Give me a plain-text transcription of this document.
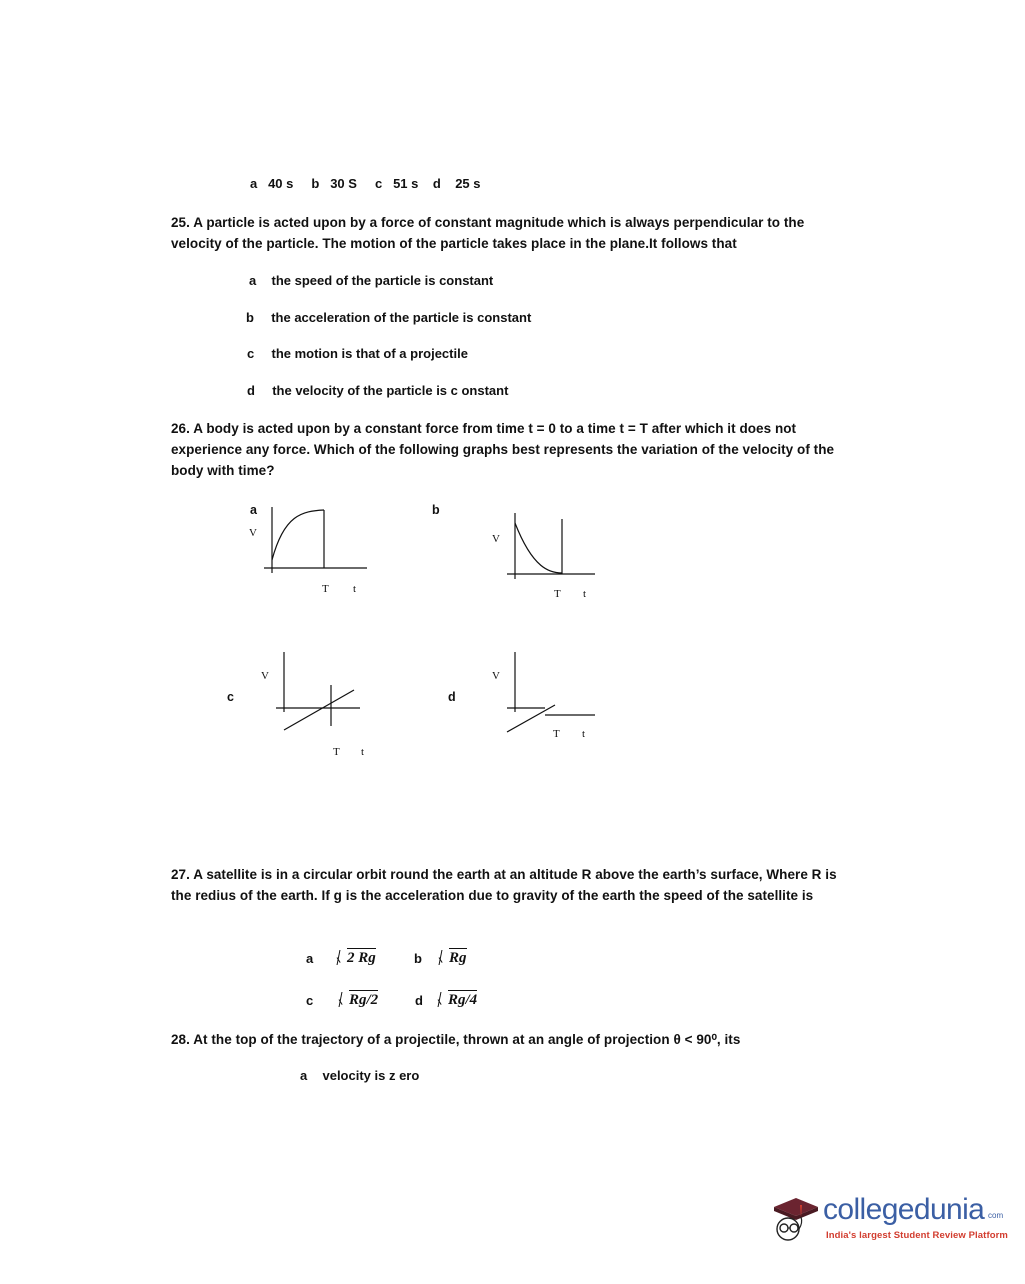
a   40 s     b   30 S     c   51 s    d    25 s
25. A particle is acted upon by a force of constant magnitude which is always perpendicular to the velocity of the particle. The motion of the particle takes place in the plane.It follows that
a the speed of the particle is constant
b the acceleration of the particle is constant
c the motion is that of a projectile
d the velocity of the particle is c onstant
26. A body is acted upon by a constant force from time t = 0 to a time t = T after which it does not experience any force. Which of the following graphs best represents the variation of the velocity of the body with time?
a
V
T t
b
V
T t
c
V
T t
d
V
T t
27. A satellite is in a circular orbit round the earth at an altitude R above the earth’s surface, Where R is the redius of the earth. If g is the acceleration due to gravity of the earth the speed of the satellite is
a 2 Rg	b Rg
c Rg/2	d Rg/4
28. At the top of the trajectory of a projectile, thrown at an angle of projection θ < 90⁰, its
a velocity is z ero
collegedunia com
India's largest Student Review Platform
